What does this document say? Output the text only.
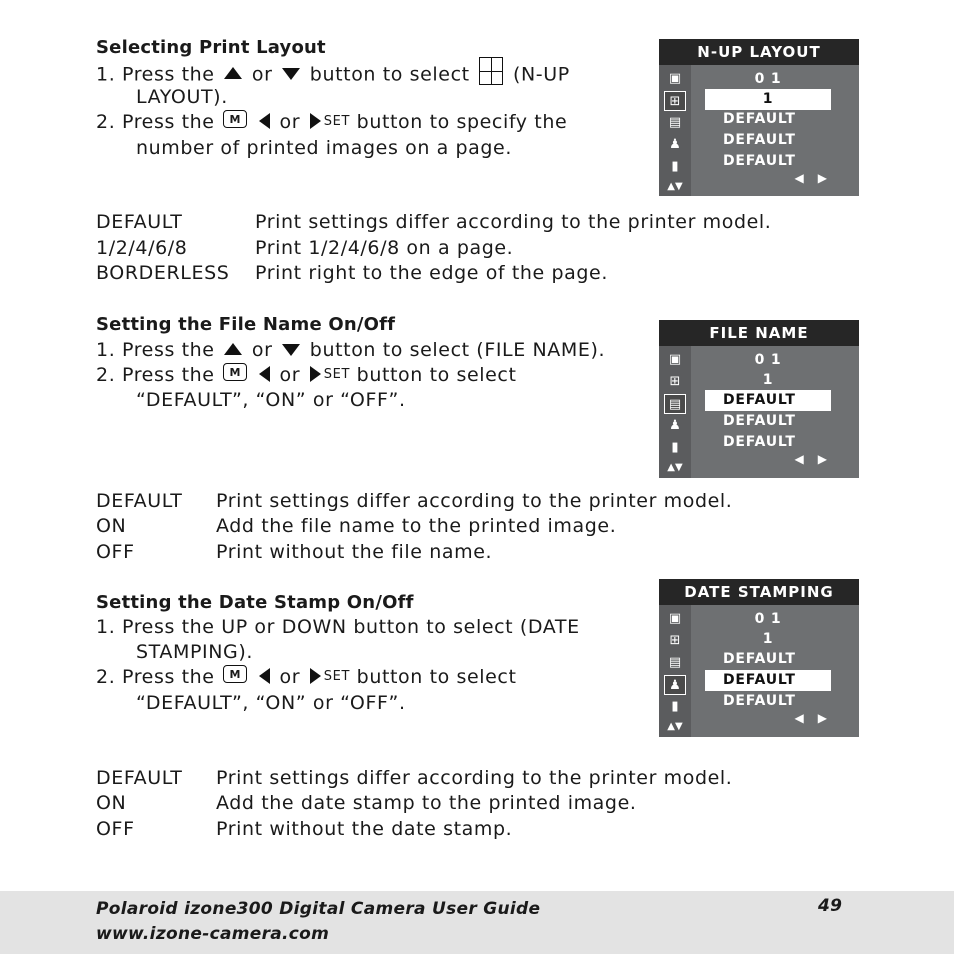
Selecting Print Layout
1. Press the or button to select (N-UP
LAYOUT).
2. Press the M or SET button to specify the
number of printed images on a page.
DEFAULT	Print settings differ according to the printer model.
1/2/4/6/8	Print 1/2/4/6/8 on a page.
BORDERLESS Print right to the edge of the page.
N-UP LAYOUT
▣
⊞
▤
♟
▮
▲▼
0 1
1
DEFAULT
DEFAULT
DEFAULT
◀▶
Setting the File Name On/Off
1. Press the or button to select (FILE NAME).
2. Press the M or SET button to select
“DEFAULT”, “ON” or “OFF”.
DEFAULT Print settings differ according to the printer model.
ON	Add the file name to the printed image.
OFF	Print without the file name.
FILE NAME
▣
⊞
▤
♟
▮
▲▼
0 1
1
DEFAULT
DEFAULT
DEFAULT
◀▶
Setting the Date Stamp On/Off
1. Press the UP or DOWN button to select (DATE
STAMPING).
2. Press the M or SET button to select
“DEFAULT”, “ON” or “OFF”.
DEFAULT Print settings differ according to the printer model.
ON	Add the date stamp to the printed image.
OFF	Print without the date stamp.
DATE STAMPING
▣
⊞
▤
♟
▮
▲▼
0 1
1
DEFAULT
DEFAULT
DEFAULT
◀▶
Polaroid izone300 Digital Camera User Guide
www.izone-camera.com
49
